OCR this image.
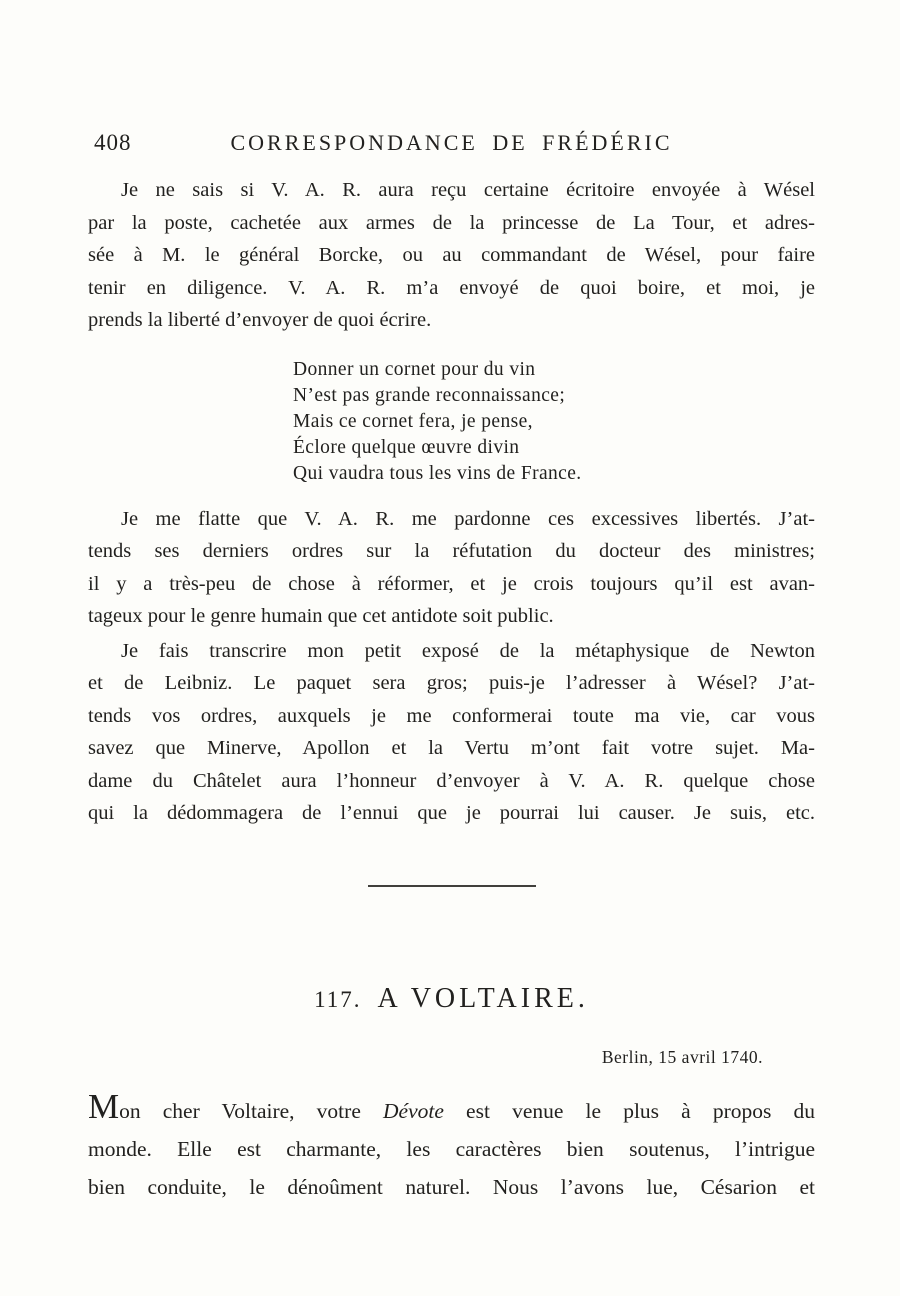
408	CORRESPONDANCE DE FRÉDÉRIC
Je ne sais si V. A. R. aura reçu certaine écritoire envoyée à Wésel
par la poste, cachetée aux armes de la princesse de La Tour, et adres-
sée à M. le général Borcke, ou au commandant de Wésel, pour faire
tenir en diligence. V. A. R. m’a envoyé de quoi boire, et moi, je
prends la liberté d’envoyer de quoi écrire.
Donner un cornet pour du vin
N’est pas grande reconnaissance;
Mais ce cornet fera, je pense,
Éclore quelque œuvre divin
Qui vaudra tous les vins de France.
Je me flatte que V. A. R. me pardonne ces excessives libertés. J’at-
tends ses derniers ordres sur la réfutation du docteur des ministres;
il y a très-peu de chose à réformer, et je crois toujours qu’il est avan-
tageux pour le genre humain que cet antidote soit public.
Je fais transcrire mon petit exposé de la métaphysique de Newton
et de Leibniz. Le paquet sera gros; puis-je l’adresser à Wésel? J’at-
tends vos ordres, auxquels je me conformerai toute ma vie, car vous
savez que Minerve, Apollon et la Vertu m’ont fait votre sujet. Ma-
dame du Châtelet aura l’honneur d’envoyer à V. A. R. quelque chose
qui la dédommagera de l’ennui que je pourrai lui causer. Je suis, etc.
117. A VOLTAIRE.
Berlin, 15 avril 1740.
Mon cher Voltaire, votre Dévote est venue le plus à propos du
monde. Elle est charmante, les caractères bien soutenus, l’intrigue
bien conduite, le dénoûment naturel. Nous l’avons lue, Césarion et
